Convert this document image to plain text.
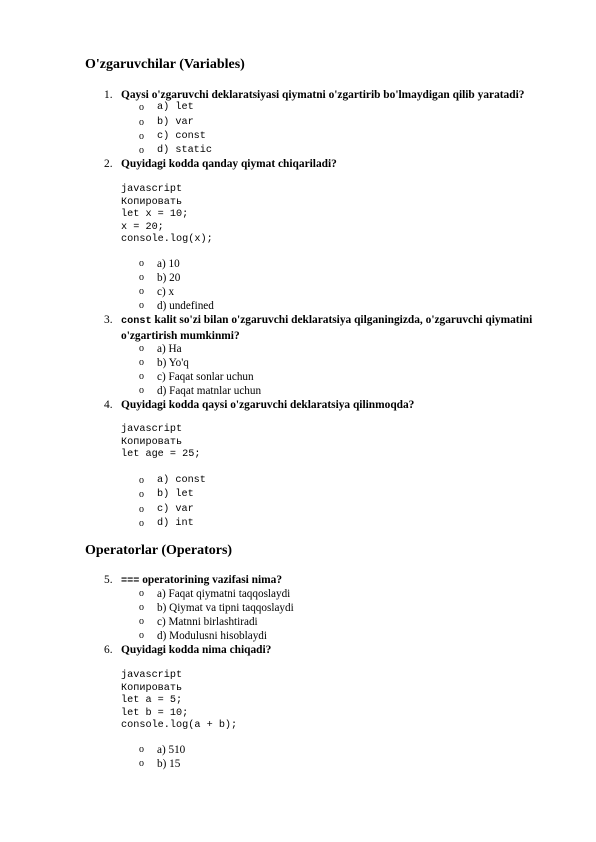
O'zgaruvchilar (Variables)
1. Qaysi o'zgaruvchi deklaratsiyasi qiymatni o'zgartirib bo'lmaydigan qilib yaratadi?
o a) let
o b) var
o c) const
o d) static
2. Quyidagi kodda qanday qiymat chiqariladi?
javascript
Копировать
let x = 10;
x = 20;
console.log(x);
o a) 10
o b) 20
o c) x
o d) undefined
3. const kalit so'zi bilan o'zgaruvchi deklaratsiya qilganingizda, o'zgaruvchi qiymatini o'zgartirish mumkinmi?
o a) Ha
o b) Yo'q
o c) Faqat sonlar uchun
o d) Faqat matnlar uchun
4. Quyidagi kodda qaysi o'zgaruvchi deklaratsiya qilinmoqda?
javascript
Копировать
let age = 25;
o a) const
o b) let
o c) var
o d) int
Operatorlar (Operators)
5. === operatorining vazifasi nima?
o a) Faqat qiymatni taqqoslaydi
o b) Qiymat va tipni taqqoslaydi
o c) Matnni birlashtiradi
o d) Modulusni hisoblaydi
6. Quyidagi kodda nima chiqadi?
javascript
Копировать
let a = 5;
let b = 10;
console.log(a + b);
o a) 510
o b) 15
